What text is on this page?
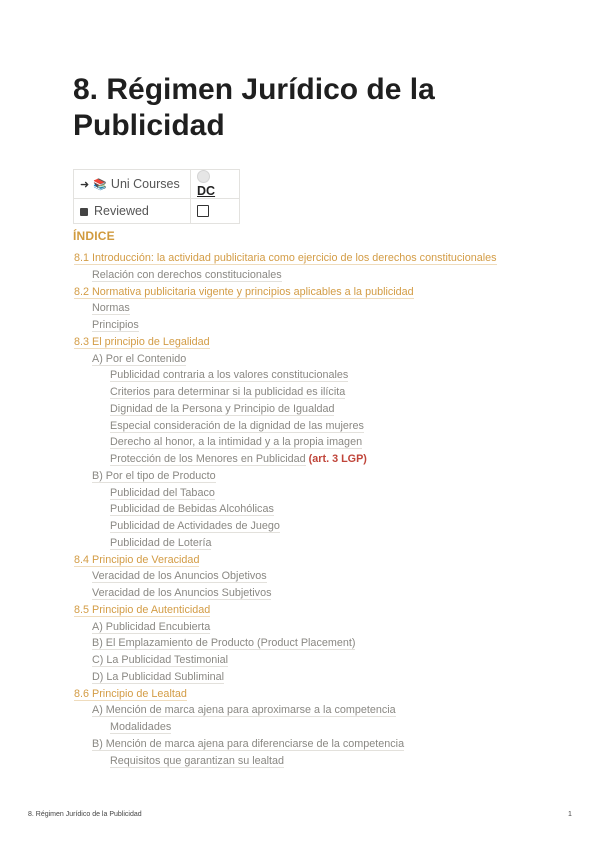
8. Régimen Jurídico de la Publicidad
➜ 📚 Uni Courses	DC
Reviewed	
ÍNDICE
8.1 Introducción: la actividad publicitaria como ejercicio de los derechos constitucionales
Relación con derechos constitucionales
8.2 Normativa publicitaria vigente y principios aplicables a la publicidad
Normas
Principios
8.3 El principio de Legalidad
A) Por el Contenido
Publicidad contraria a los valores constitucionales
Criterios para determinar si la publicidad es ilícita
Dignidad de la Persona y Principio de Igualdad
Especial consideración de la dignidad de las mujeres
Derecho al honor, a la intimidad y a la propia imagen
Protección de los Menores en Publicidad (art. 3 LGP)
B) Por el tipo de Producto
Publicidad del Tabaco
Publicidad de Bebidas Alcohólicas
Publicidad de Actividades de Juego
Publicidad de Lotería
8.4 Principio de Veracidad
Veracidad de los Anuncios Objetivos
Veracidad de los Anuncios Subjetivos
8.5 Principio de Autenticidad
A) Publicidad Encubierta
B) El Emplazamiento de Producto (Product Placement)
C) La Publicidad Testimonial
D) La Publicidad Subliminal
8.6 Principio de Lealtad
A) Mención de marca ajena para aproximarse a la competencia
Modalidades
B) Mención de marca ajena para diferenciarse de la competencia
Requisitos que garantizan su lealtad
8. Régimen Jurídico de la Publicidad	1
